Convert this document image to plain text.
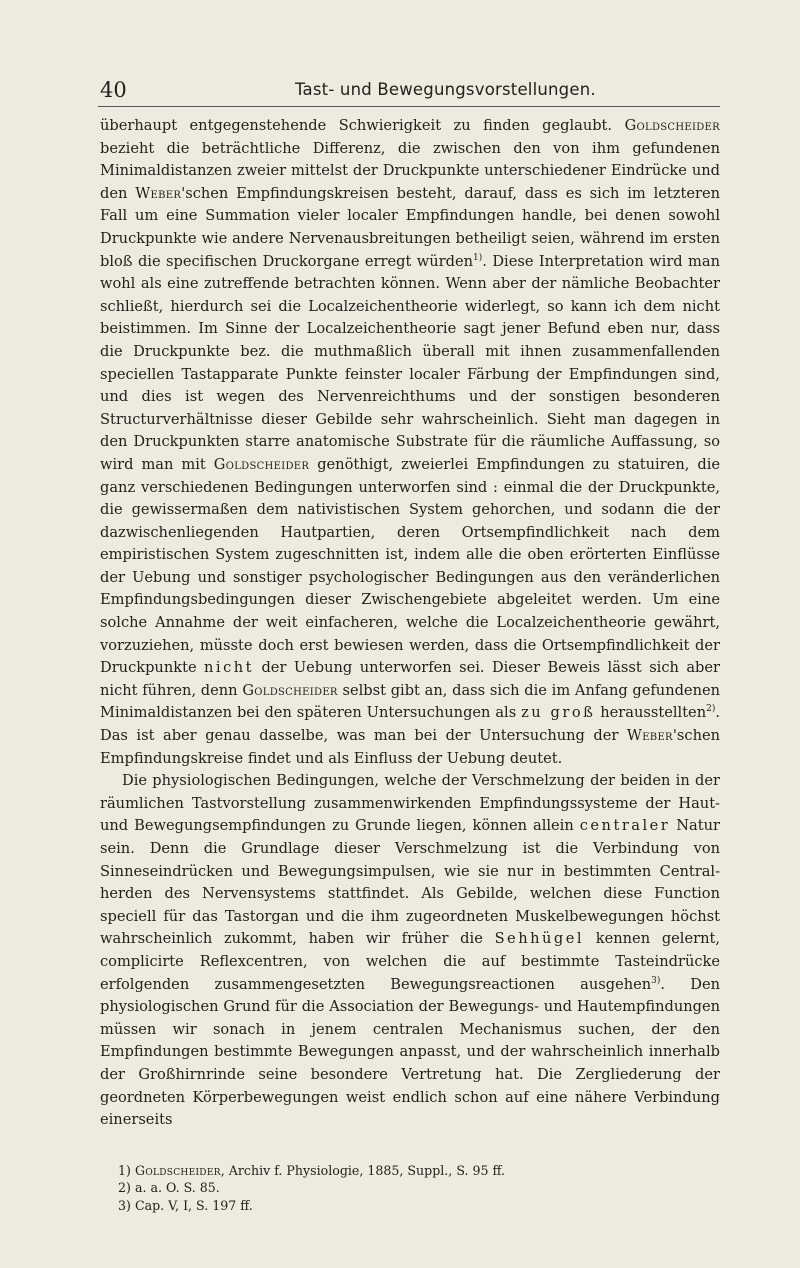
40	Tast- und Bewegungsvorstellungen.

überhaupt entgegenstehende Schwierigkeit zu finden geglaubt. Goldscheider bezieht die beträchtliche Differenz, die zwischen den von ihm gefundenen Minimaldistanzen zweier mittelst der Druckpunkte unterschiedener Eindrücke und den Weber'schen Empfindungskreisen besteht, darauf, dass es sich im letzteren Fall um eine Summation vieler localer Empfindungen handle, bei denen sowohl Druckpunkte wie andere Nervenausbreitungen betheiligt seien, während im ersten bloß die specifischen Druckorgane erregt würden$^{1)}$. Diese Interpretation wird man wohl als eine zutreffende betrachten können. Wenn aber der nämliche Beobachter schließt, hierdurch sei die Localzeichentheorie widerlegt, so kann ich dem nicht beistimmen. Im Sinne der Localzeichentheorie sagt jener Befund eben nur, dass die Druckpunkte bez. die muthmaßlich überall mit ihnen zusammenfallenden speciellen Tastapparate Punkte feinster localer Färbung der Empfindungen sind, und dies ist wegen des Nervenreichthums und der sonstigen besonderen Structurverhältnisse dieser Gebilde sehr wahrscheinlich. Sieht man dagegen in den Druckpunkten starre anatomische Substrate für die räumliche Auffassung, so wird man mit Goldscheider genöthigt, zweierlei Empfindungen zu statuiren, die ganz verschiedenen Bedingungen unterworfen sind : einmal die der Druckpunkte, die gewissermaßen dem nativistischen System gehorchen, und sodann die der dazwischenliegenden Hautpartien, deren Ortsempfindlichkeit nach dem empiristischen System zugeschnitten ist, indem alle die oben erörterten Einflüsse der Uebung und sonstiger psychologischer Bedingungen aus den veränderlichen Empfindungsbedingungen dieser Zwischengebiete abgeleitet werden. Um eine solche Annahme der weit einfacheren, welche die Localzeichentheorie gewährt, vorzuziehen, müsste doch erst bewiesen werden, dass die Ortsempfindlichkeit der Druckpunkte nicht der Uebung unterworfen sei. Dieser Beweis lässt sich aber nicht führen, denn Goldscheider selbst gibt an, dass sich die im Anfang gefundenen Minimaldistanzen bei den späteren Untersuchungen als zu groß herausstellten$^{2)}$. Das ist aber genau dasselbe, was man bei der Untersuchung der Weber'schen Empfindungskreise findet und als Einfluss der Uebung deutet.

Die physiologischen Bedingungen, welche der Verschmelzung der beiden in der räumlichen Tastvorstellung zusammenwirkenden Empfindungssysteme der Haut- und Bewegungsempfindungen zu Grunde liegen, können allein centraler Natur sein. Denn die Grundlage dieser Verschmelzung ist die Verbindung von Sinneseindrücken und Bewegungsimpulsen, wie sie nur in bestimmten Central-herden des Nervensystems stattfindet. Als Gebilde, welchen diese Function speciell für das Tastorgan und die ihm zugeordneten Muskelbewegungen höchst wahrscheinlich zukommt, haben wir früher die Sehhügel kennen gelernt, complicirte Reflexcentren, von welchen die auf bestimmte Tasteindrücke erfolgenden zusammengesetzten Bewegungsreactionen ausgehen$^{3)}$. Den physiologischen Grund für die Association der Bewegungs- und Hautempfindungen müssen wir sonach in jenem centralen Mechanismus suchen, der den Empfindungen bestimmte Bewegungen anpasst, und der wahrscheinlich innerhalb der Großhirnrinde seine besondere Vertretung hat. Die Zergliederung der geordneten Körperbewegungen weist endlich schon auf eine nähere Verbindung einerseits

1) Goldscheider, Archiv f. Physiologie, 1885, Suppl., S. 95 ff.

2) a. a. O. S. 85.

3) Cap. V, I, S. 197 ff.
